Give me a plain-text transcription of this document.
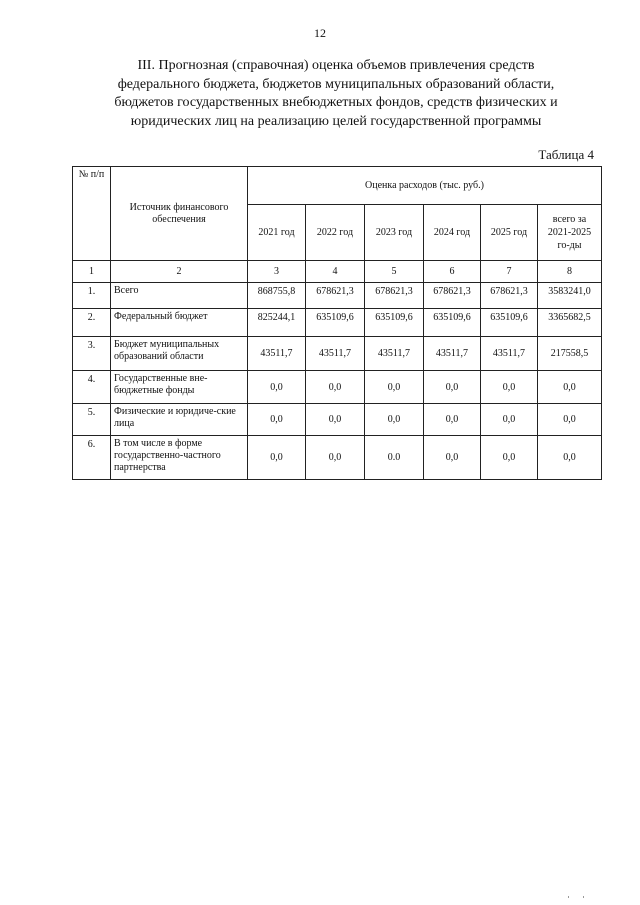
12
III. Прогнозная (справочная) оценка объемов привлечения средств
федерального бюджета, бюджетов муниципальных образований области,
бюджетов государственных внебюджетных фондов, средств физических и
юридических лиц на реализацию целей государственной программы
Таблица 4
№ п/п	Источник финансового обеспечения	Оценка расходов (тыс. руб.)					
		2021 год	2022 год	2023 год	2024 год	2025 год	всего за 2021-2025 го-ды
1	2	3	4	5	6	7	8
1.	Всего	868755,8	678621,3	678621,3	678621,3	678621,3	3583241,0
2.	Федеральный бюджет	825244,1	635109,6	635109,6	635109,6	635109,6	3365682,5
3.	Бюджет муниципальных образований области	43511,7	43511,7	43511,7	43511,7	43511,7	217558,5
4.	Государственные вне-бюджетные фонды	0,0	0,0	0,0	0,0	0,0	0,0
5.	Физические и юридиче-ские лица	0,0	0,0	0,0	0,0	0,0	0,0
6.	В том числе в форме государственно-частного партнерства	0,0	0,0	0.0	0,0	0,0	0,0
